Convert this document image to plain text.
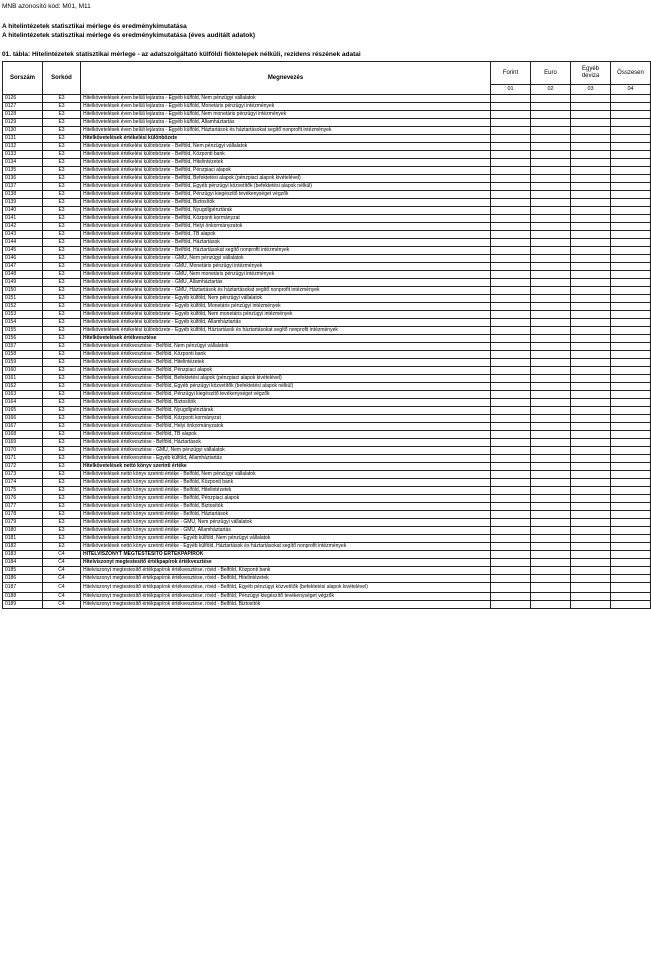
MNB azonosító kód: M01, M11
A hitelintézetek statisztikai mérlege és eredménykimutatása
A hitelintézetek statisztikai mérlege és eredménykimutatása (éves auditált adatok)
01. tábla: Hitelintézetek statisztikai mérlege - az adatszolgáltató külföldi fióktelepek nélküli, rezidens részének adatai
Sorszám	Sorkód	Megnevezés	Forint	Euro	Egyéb deviza	Összesen
			01	02	03	04
0126	E3	Hitelkövetelések éven belüli lejáratra - Egyéb külföld, Nem pénzügyi vállalatok				
0127	E3	Hitelkövetelések éven belüli lejáratra - Egyéb külföld, Monetáris pénzügyi intézmények				
0128	E3	Hitelkövetelések éven belüli lejáratra - Egyéb külföld, Nem monetáris pénzügyi intézmények				
0129	E3	Hitelkövetelések éven belüli lejáratra - Egyéb külföld, Államháztartás				
0130	E3	Hitelkövetelések éven belüli lejáratra - Egyéb külföld, Háztartások és háztartásokat segítő nonprofit intézmények				
0131	E3	Hitelkövetelések értékelési különbözete				
0132	E3	Hitelkövetelések értékelési különbözete - Belföld, Nem pénzügyi vállalatok				
0133	E3	Hitelkövetelések értékelési különbözete - Belföld, Központi bank				
0134	E3	Hitelkövetelések értékelési különbözete - Belföld, Hitelintézetek				
0135	E3	Hitelkövetelések értékelési különbözete - Belföld, Pénzpiaci alapok				
0136	E3	Hitelkövetelések értékelési különbözete - Belföld, Befektetési alapok (pénzpiaci alapok kivételével)				
0137	E3	Hitelkövetelések értékelési különbözete - Belföld, Egyéb pénzügyi közvetítők (befektetési alapok nélkül)				
0138	E3	Hitelkövetelések értékelési különbözete - Belföld, Pénzügyi kiegészítő tevékenységet végzők				
0139	E3	Hitelkövetelések értékelési különbözete - Belföld, Biztosítók				
0140	E3	Hitelkövetelések értékelési különbözete - Belföld, Nyugdíjpénztárak				
0141	E3	Hitelkövetelések értékelési különbözete - Belföld, Központi kormányzat				
0142	E3	Hitelkövetelések értékelési különbözete - Belföld, Helyi önkormányzatok				
0143	E3	Hitelkövetelések értékelési különbözete - Belföld, TB alapok				
0144	E3	Hitelkövetelések értékelési különbözete - Belföld, Háztartások				
0145	E3	Hitelkövetelések értékelési különbözete - Belföld, Háztartásokat segítő nonprofit intézmények				
0146	E3	Hitelkövetelések értékelési különbözete - GMU, Nem pénzügyi vállalatok				
0147	E3	Hitelkövetelések értékelési különbözete - GMU, Monetáris pénzügyi intézmények				
0148	E3	Hitelkövetelések értékelési különbözete - GMU, Nem monetáris pénzügyi intézmények				
0149	E3	Hitelkövetelések értékelési különbözete - GMU, Államháztartás				
0150	E3	Hitelkövetelések értékelési különbözete - GMU, Háztartások és háztartásokat segítő nonprofit intézmények				
0151	E3	Hitelkövetelések értékelési különbözete - Egyéb külföld, Nem pénzügyi vállalatok				
0152	E3	Hitelkövetelések értékelési különbözete - Egyéb külföld, Monetáris pénzügyi intézmények				
0153	E3	Hitelkövetelések értékelési különbözete - Egyéb külföld, Nem monetáris pénzügyi intézmények				
0154	E3	Hitelkövetelések értékelési különbözete - Egyéb külföld, Államháztartás				
0155	E3	Hitelkövetelések értékelési különbözete - Egyéb külföld, Háztartások és háztartásokat segítő nonprofit intézmények				
0156	E3	Hitelkövetelések értékvesztése				
0157	E3	Hitelkövetelések értékvesztése - Belföld, Nem pénzügyi vállalatok				
0158	E3	Hitelkövetelések értékvesztése - Belföld, Központi bank				
0159	E3	Hitelkövetelések értékvesztése - Belföld, Hitelintézetek				
0160	E3	Hitelkövetelések értékvesztése - Belföld, Pénzpiaci alapok				
0161	E3	Hitelkövetelések értékvesztése - Belföld, Befektetési alapok (pénzpiaci alapok kivételével)				
0162	E3	Hitelkövetelések értékvesztése - Belföld, Egyéb pénzügyi közvetítők (befektetési alapok nélkül)				
0163	E3	Hitelkövetelések értékvesztése - Belföld, Pénzügyi kiegészítő tevékenységet végzők				
0164	E3	Hitelkövetelések értékvesztése - Belföld, Biztosítók				
0165	E3	Hitelkövetelések értékvesztése - Belföld, Nyugdíjpénztárak				
0166	E3	Hitelkövetelések értékvesztése - Belföld, Központi kormányzat				
0167	E3	Hitelkövetelések értékvesztése - Belföld, Helyi önkormányzatok				
0168	E3	Hitelkövetelések értékvesztése - Belföld, TB alapok				
0169	E3	Hitelkövetelések értékvesztése - Belföld, Háztartások				
0170	E3	Hitelkövetelések értékvesztése - GMU, Nem pénzügyi vállalatok				
0171	E3	Hitelkövetelések értékvesztése - Egyéb külföld, Államháztartás				
0172	E3	Hitelkövetelések nettó könyv szerinti értéke				
0173	E3	Hitelkövetelések nettó könyv szerinti értéke - Belföld, Nem pénzügyi vállalatok				
0174	E3	Hitelkövetelések nettó könyv szerinti értéke - Belföld, Központi bank				
0175	E3	Hitelkövetelések nettó könyv szerinti értéke - Belföld, Hitelintézetek				
0176	E3	Hitelkövetelések nettó könyv szerinti értéke - Belföld, Pénzpiaci alapok				
0177	E3	Hitelkövetelések nettó könyv szerinti értéke - Belföld, Biztosítók				
0178	E3	Hitelkövetelések nettó könyv szerinti értéke - Belföld, Háztartások				
0179	E3	Hitelkövetelések nettó könyv szerinti értéke - GMU, Nem pénzügyi vállalatok				
0180	E3	Hitelkövetelések nettó könyv szerinti értéke - GMU, Államháztartás				
0181	E3	Hitelkövetelések nettó könyv szerinti értéke - Egyéb külföld, Nem pénzügyi vállalatok				
0182	E3	Hitelkövetelések nettó könyv szerinti értéke - Egyéb külföld, Háztartások és háztartásokat segítő nonprofit intézmények				
0183	C4	HITELVISZONYT MEGTESTESÍTŐ ÉRTÉKPAPÍROK				
0184	C4	Hitelviszonyt megtestesítő értékpapírok értékvesztése				
0185	C4	Hitelviszonyt megtestesítő értékpapírok értékvesztése, rövid - Belföld, Központi bank				
0186	C4	Hitelviszonyt megtestesítő értékpapírok értékvesztése, rövid - Belföld, Hitelintézetek				
0187	C4	Hitelviszonyt megtestesítő értékpapírok értékvesztése, rövid - Belföld, Egyéb pénzügyi közvetítők (befektetési alapok kivételével)				
0188	C4	Hitelviszonyt megtestesítő értékpapírok értékvesztése, rövid - Belföld, Pénzügyi kiegészítő tevékenységet végzők				
0189	C4	Hitelviszonyt megtestesítő értékpapírok értékvesztése, rövid - Belföld, Biztosítók				
